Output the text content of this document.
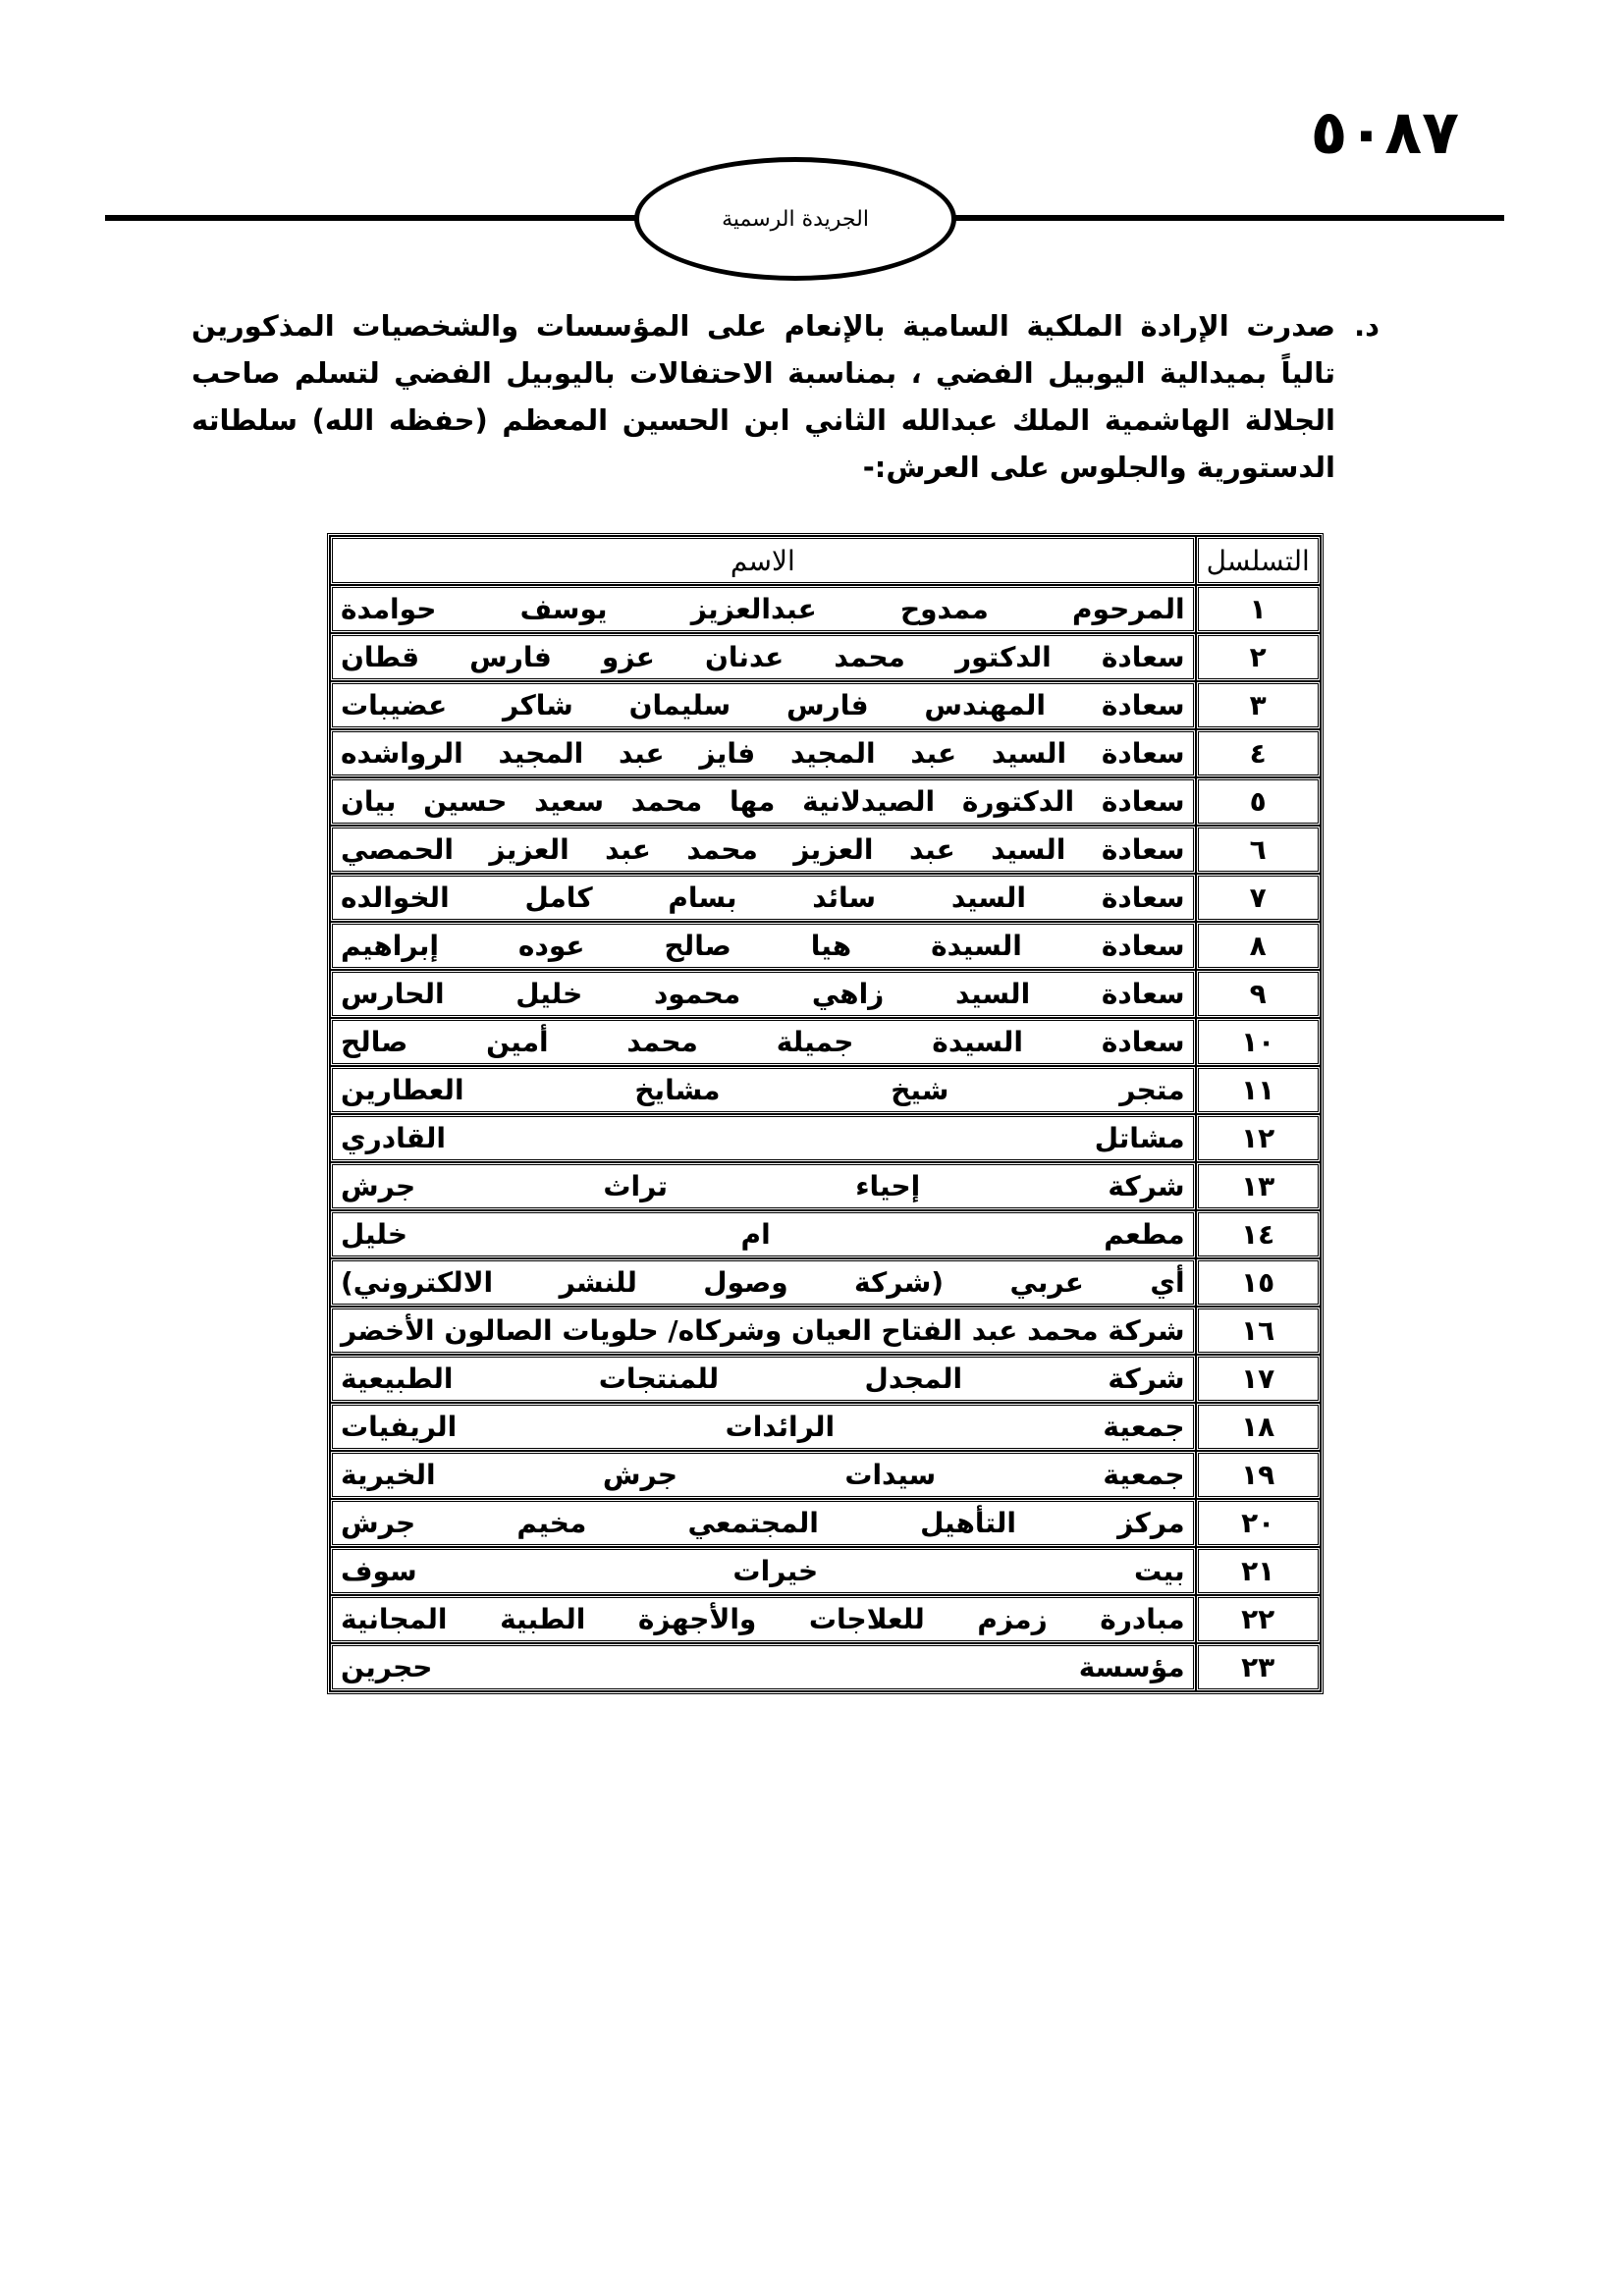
٥٠٨٧
الجريدة الرسمية
د.
صدرت الإرادة الملكية السامية بالإنعام على المؤسسات والشخصيات المذكورين تالياً بميدالية اليوبيل الفضي ، بمناسبة الاحتفالات باليوبيل الفضي لتسلم صاحب الجلالة الهاشمية الملك عبدالله الثاني ابن الحسين المعظم (حفظه الله) سلطاته الدستورية والجلوس على العرش:-
التسلسل	الاسم
١	المرحوم ممدوح عبدالعزيز يوسف حوامدة
٢	سعادة الدكتور محمد عدنان عزو فارس قطان
٣	سعادة المهندس فارس سليمان شاكر عضيبات
٤	سعادة السيد عبد المجيد فايز عبد المجيد الرواشده
٥	سعادة الدكتورة الصيدلانية مها محمد سعيد حسين بيان
٦	سعادة السيد عبد العزيز محمد عبد العزيز الحمصي
٧	سعادة السيد سائد بسام كامل الخوالده
٨	سعادة السيدة هيا صالح عوده إبراهيم
٩	سعادة السيد زاهي محمود خليل الحارس
١٠	سعادة السيدة جميلة محمد أمين صالح
١١	متجر شيخ مشايخ العطارين
١٢	مشاتل القادري
١٣	شركة إحياء تراث جرش
١٤	مطعم ام خليل
١٥	أي عربي (شركة وصول للنشر الالكتروني)
١٦	شركة محمد عبد الفتاح العيان وشركاه/ حلويات الصالون الأخضر
١٧	شركة المجدل للمنتجات الطبيعية
١٨	جمعية الرائدات الريفيات
١٩	جمعية سيدات جرش الخيرية
٢٠	مركز التأهيل المجتمعي مخيم جرش
٢١	بيت خيرات سوف
٢٢	مبادرة زمزم للعلاجات والأجهزة الطبية المجانية
٢٣	مؤسسة حجرين
